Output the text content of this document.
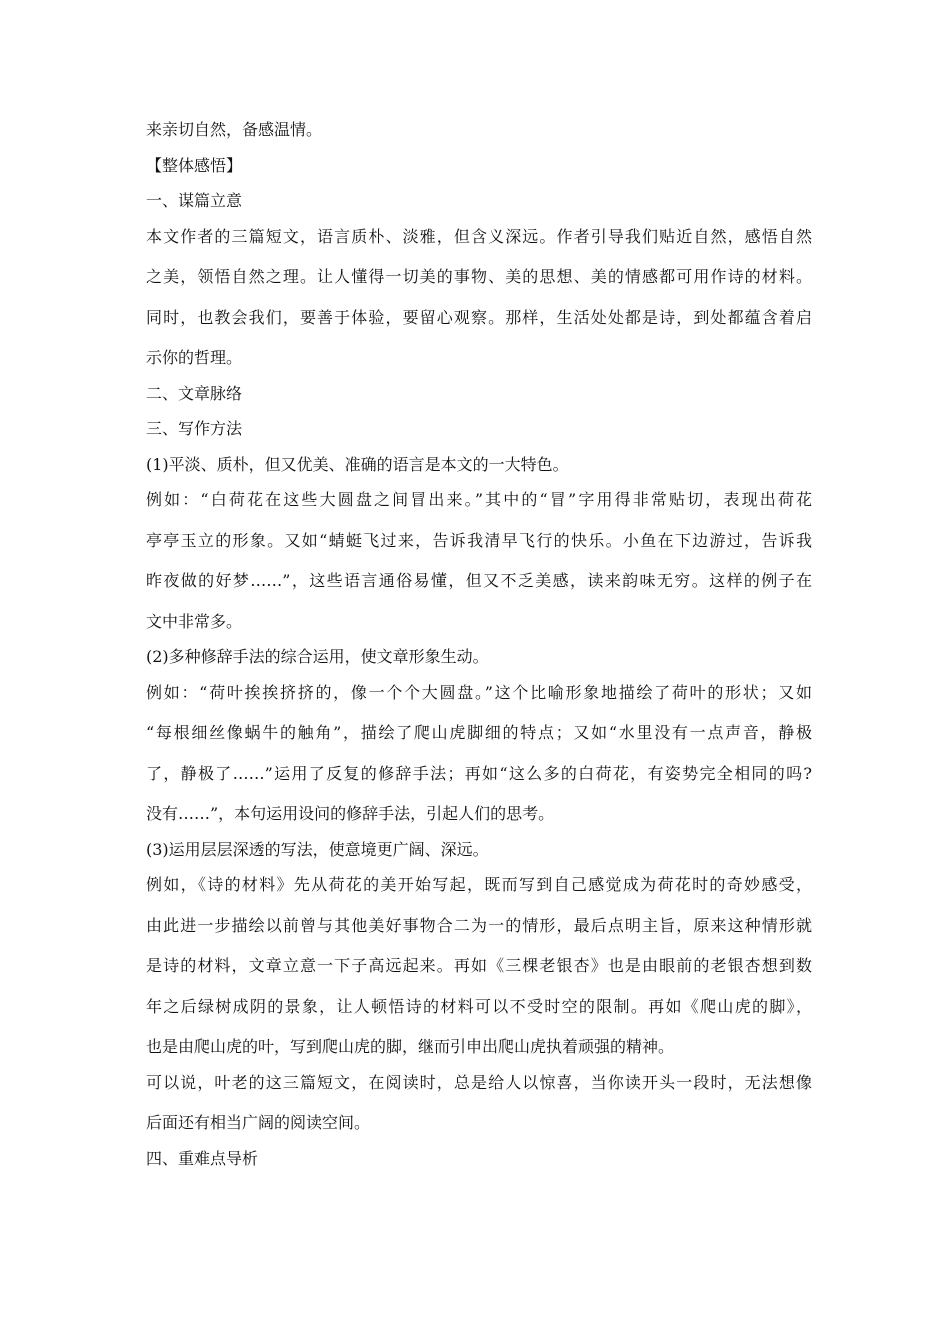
来亲切自然，备感温情。

【整体感悟】

一、谋篇立意

本文作者的三篇短文，语言质朴、淡雅，但含义深远。作者引导我们贴近自然，感悟自然

之美，领悟自然之理。让人懂得一切美的事物、美的思想、美的情感都可用作诗的材料。

同时，也教会我们，要善于体验，要留心观察。那样，生活处处都是诗，到处都蕴含着启

示你的哲理。

二、文章脉络

三、写作方法

(1)平淡、质朴，但又优美、准确的语言是本文的一大特色。

例如：“白荷花在这些大圆盘之间冒出来。”其中的“冒”字用得非常贴切，表现出荷花

亭亭玉立的形象。又如“蜻蜓飞过来，告诉我清早飞行的快乐。小鱼在下边游过，告诉我

昨夜做的好梦……”，这些语言通俗易懂，但又不乏美感，读来韵味无穷。这样的例子在

文中非常多。

(2)多种修辞手法的综合运用，使文章形象生动。

例如：“荷叶挨挨挤挤的，像一个个大圆盘。”这个比喻形象地描绘了荷叶的形状；又如

“每根细丝像蜗牛的触角”，描绘了爬山虎脚细的特点；又如“水里没有一点声音，静极

了，静极了……”运用了反复的修辞手法；再如“这么多的白荷花，有姿势完全相同的吗?

没有……”，本句运用设问的修辞手法，引起人们的思考。

(3)运用层层深透的写法，使意境更广阔、深远。

例如，《诗的材料》先从荷花的美开始写起，既而写到自己感觉成为荷花时的奇妙感受，

由此进一步描绘以前曾与其他美好事物合二为一的情形，最后点明主旨，原来这种情形就

是诗的材料，文章立意一下子高远起来。再如《三棵老银杏》也是由眼前的老银杏想到数

年之后绿树成阴的景象，让人顿悟诗的材料可以不受时空的限制。再如《爬山虎的脚》，

也是由爬山虎的叶，写到爬山虎的脚，继而引申出爬山虎执着顽强的精神。

可以说，叶老的这三篇短文，在阅读时，总是给人以惊喜，当你读开头一段时，无法想像

后面还有相当广阔的阅读空间。

四、重难点导析
